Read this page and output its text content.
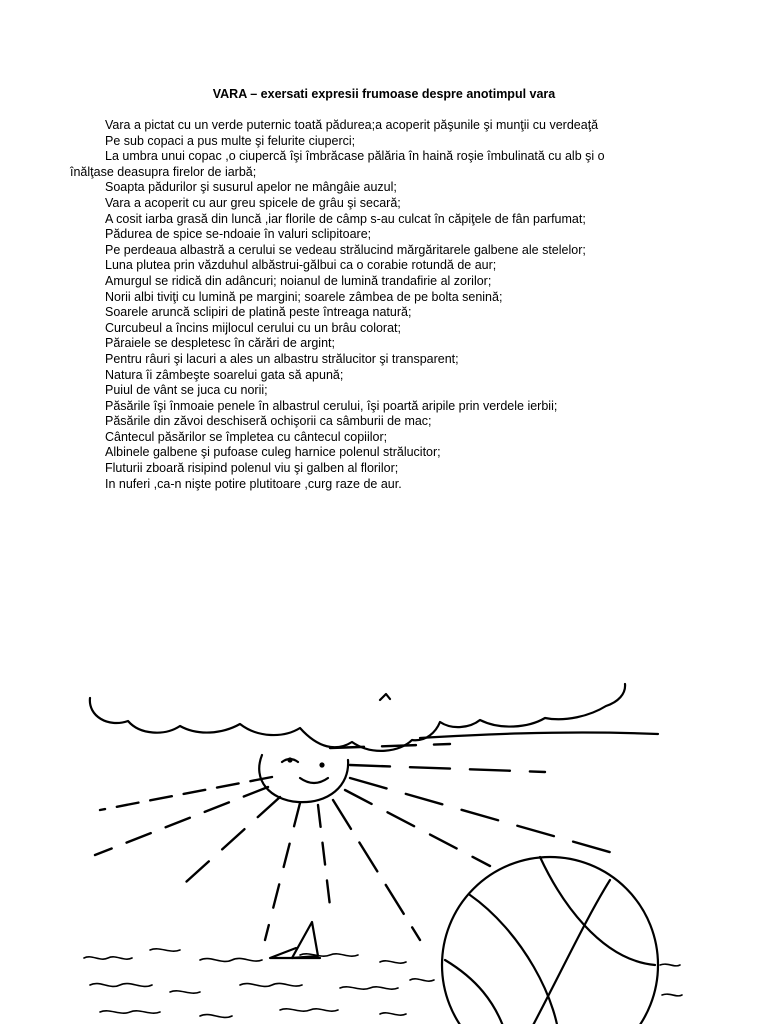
VARA – exersati expresii frumoase despre anotimpul vara
Vara a pictat cu un verde puternic toată pădurea;a acoperit păşunile şi munţii cu verdeaţă
Pe sub copaci a pus multe şi felurite ciuperci;
La umbra unui copac ,o ciupercă îşi îmbrăcase pălăria în haină roşie îmbulinată cu alb şi o
înălţase deasupra firelor de iarbă;
Soapta pădurilor şi susurul apelor ne mângâie auzul;
Vara a acoperit cu aur greu spicele de grâu şi secară;
A cosit iarba grasă din luncă ,iar florile de câmp s-au culcat în căpiţele de fân parfumat;
Pădurea de spice se-ndoaie în valuri sclipitoare;
Pe perdeaua albastră a cerului se vedeau strălucind mărgăritarele galbene ale stelelor;
Luna plutea prin văzduhul albăstrui-gălbui ca o corabie rotundă de aur;
Amurgul se ridică din adâncuri; noianul de lumină trandafirie al zorilor;
Norii albi tiviţi cu lumină pe margini; soarele zâmbea de pe bolta senină;
Soarele aruncă sclipiri de platină peste întreaga natură;
Curcubeul a încins mijlocul cerului cu un brâu colorat;
Păraiele se despletesc în cărări de argint;
Pentru râuri şi lacuri a ales un albastru strălucitor şi transparent;
Natura îi zâmbeşte soarelui gata să apună;
Puiul de vânt se juca cu norii;
Păsările îşi înmoaie penele în albastrul cerului, îşi poartă aripile prin verdele ierbii;
Păsările din zăvoi deschiseră ochişorii ca sâmburii de mac;
Cântecul păsărilor se împletea cu cântecul copiilor;
Albinele galbene şi pufoase culeg harnice polenul strălucitor;
Fluturii zboară risipind polenul viu şi galben al florilor;
In nuferi ,ca-n nişte potire plutitoare ,curg raze de aur.
